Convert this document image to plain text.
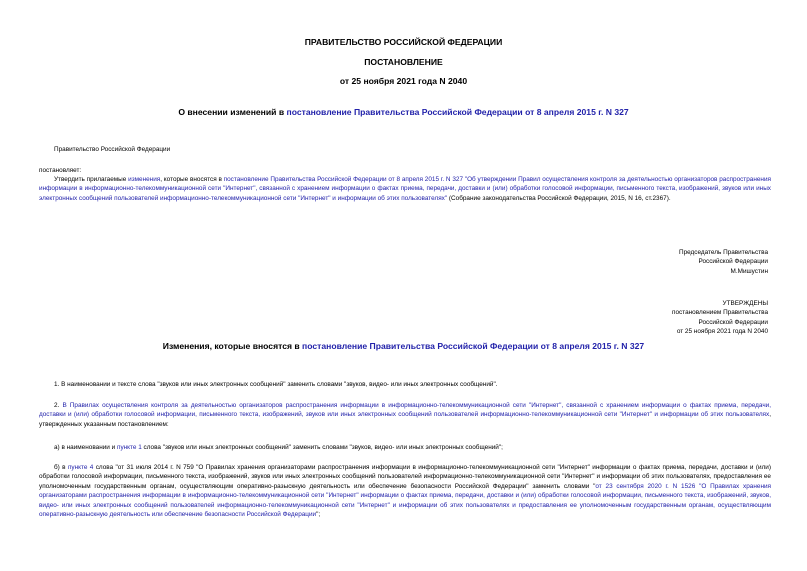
ПРАВИТЕЛЬСТВО РОССИЙСКОЙ ФЕДЕРАЦИИ
ПОСТАНОВЛЕНИЕ
от 25 ноября 2021 года N 2040
О внесении изменений в постановление Правительства Российской Федерации от 8 апреля 2015 г. N 327
Правительство Российской Федерации
постановляет:
Утвердить прилагаемые изменения, которые вносятся в постановление Правительства Российской Федерации от 8 апреля 2015 г. N 327 "Об утверждении Правил осуществления контроля за деятельностью организаторов распространения информации в информационно-телекоммуникационной сети "Интернет", связанной с хранением информации о фактах приема, передачи, доставки и (или) обработки голосовой информации, письменного текста, изображений, звуков или иных электронных сообщений пользователей информационно-телекоммуникационной сети "Интернет" и информации об этих пользователях" (Собрание законодательства Российской Федерации, 2015, N 16, ст.2367).
Председатель Правительства
Российской Федерации
М.Мишустин
УТВЕРЖДЕНЫ
постановлением Правительства
Российской Федерации
от 25 ноября 2021 года N 2040
Изменения, которые вносятся в постановление Правительства Российской Федерации от 8 апреля 2015 г. N 327
1. В наименовании и тексте слова "звуков или иных электронных сообщений" заменить словами "звуков, видео- или иных электронных сообщений".
2. В Правилах осуществления контроля за деятельностью организаторов распространения информации в информационно-телекоммуникационной сети "Интернет", связанной с хранением информации о фактах приема, передачи, доставки и (или) обработки голосовой информации, письменного текста, изображений, звуков или иных электронных сообщений пользователей информационно-телекоммуникационной сети "Интернет" и информации об этих пользователях, утвержденных указанным постановлением:
а) в наименовании и пункте 1 слова "звуков или иных электронных сообщений" заменить словами "звуков, видео- или иных электронных сообщений";
б) в пункте 4 слова "от 31 июля 2014 г. N 759 "О Правилах хранения организаторами распространения информации в информационно-телекоммуникационной сети "Интернет" информации о фактах приема, передачи, доставки и (или) обработки голосовой информации, письменного текста, изображений, звуков или иных электронных сообщений пользователей информационно-телекоммуникационной сети "Интернет" и информации об этих пользователях, предоставления ее уполномоченным государственным органам, осуществляющим оперативно-разыскную деятельность или обеспечение безопасности Российской Федерации" заменить словами "от 23 сентября 2020 г. N 1526 "О Правилах хранения организаторами распространения информации в информационно-телекоммуникационной сети "Интернет" информации о фактах приема, передачи, доставки и (или) обработки голосовой информации, письменного текста, изображений, звуков, видео- или иных электронных сообщений пользователей информационно-телекоммуникационной сети "Интернет" и информации об этих пользователях и предоставления ее уполномоченным государственным органам, осуществляющим оперативно-разыскную деятельность или обеспечение безопасности Российской Федерации";
